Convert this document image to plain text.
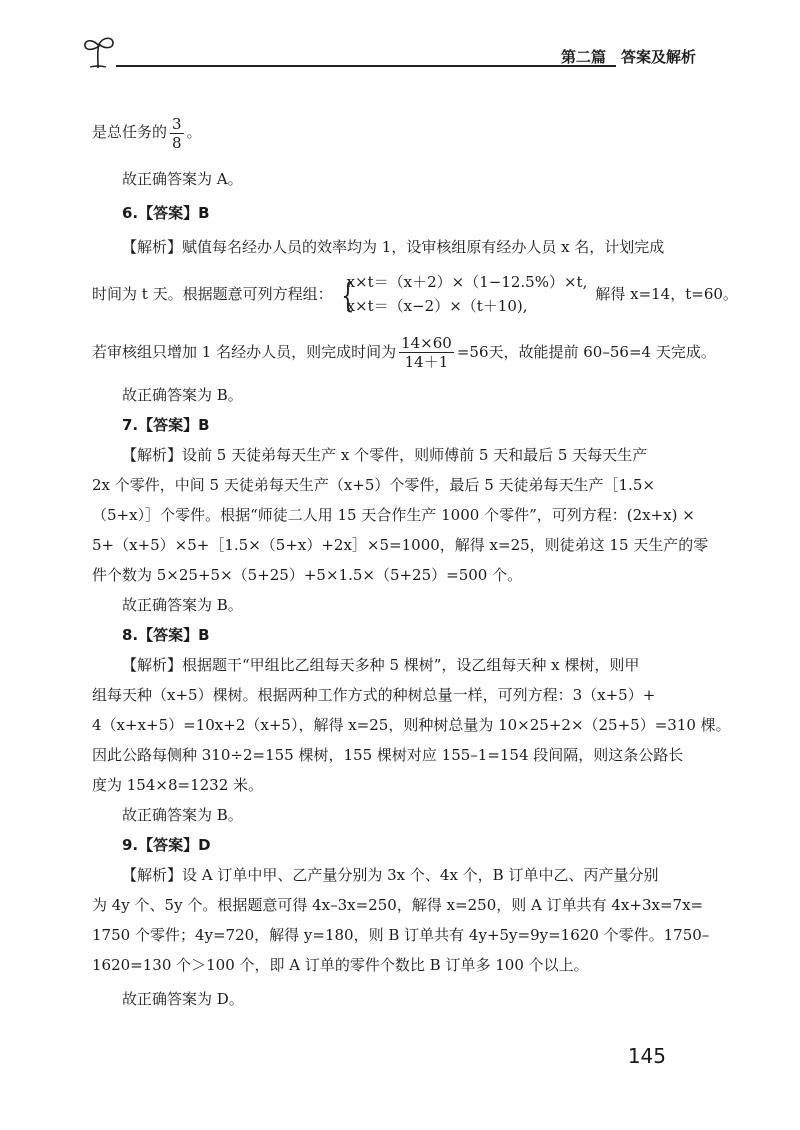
第二篇　答案及解析
是总任务的 $\frac{3}{8}$ 。
故正确答案为 A。
6.【答案】B
【解析】赋值每名经办人员的效率均为 1，设审核组原有经办人员 x 名，计划完成
时间为 t 天。根据题意可列方程组： {
x×t＝（x＋2）×（1−12.5%）×t,
x×t＝（x−2）×（t＋10),
解得 x=14，t=60。
若审核组只增加 1 名经办人员，则完成时间为 $\frac{14\times 60}{14+1} =56$天，故能提前 60–56=4 天完成。
故正确答案为 B。
7.【答案】B
【解析】设前 5 天徒弟每天生产 x 个零件，则师傅前 5 天和最后 5 天每天生产
2x 个零件，中间 5 天徒弟每天生产（x+5）个零件，最后 5 天徒弟每天生产［1.5×
（5+x）］个零件。根据“师徒二人用 15 天合作生产 1000 个零件”，可列方程：(2x+x) ×
5+（x+5）×5+［1.5×（5+x）+2x］×5=1000，解得 x=25，则徒弟这 15 天生产的零
件个数为 5×25+5×（5+25）+5×1.5×（5+25）=500 个。
故正确答案为 B。
8.【答案】B
【解析】根据题干“甲组比乙组每天多种 5 棵树”，设乙组每天种 x 棵树，则甲
组每天种（x+5）棵树。根据两种工作方式的种树总量一样，可列方程：3（x+5）+
4（x+x+5）=10x+2（x+5），解得 x=25，则种树总量为 10×25+2×（25+5）=310 棵。
因此公路每侧种 310÷2=155 棵树，155 棵树对应 155–1=154 段间隔，则这条公路长
度为 154×8=1232 米。
故正确答案为 B。
9.【答案】D
【解析】设 A 订单中甲、乙产量分别为 3x 个、4x 个，B 订单中乙、丙产量分别
为 4y 个、5y 个。根据题意可得 4x–3x=250，解得 x=250，则 A 订单共有 4x+3x=7x=
1750 个零件；4y=720，解得 y=180，则 B 订单共有 4y+5y=9y=1620 个零件。1750–
1620=130 个＞100 个，即 A 订单的零件个数比 B 订单多 100 个以上。
故正确答案为 D。
145
